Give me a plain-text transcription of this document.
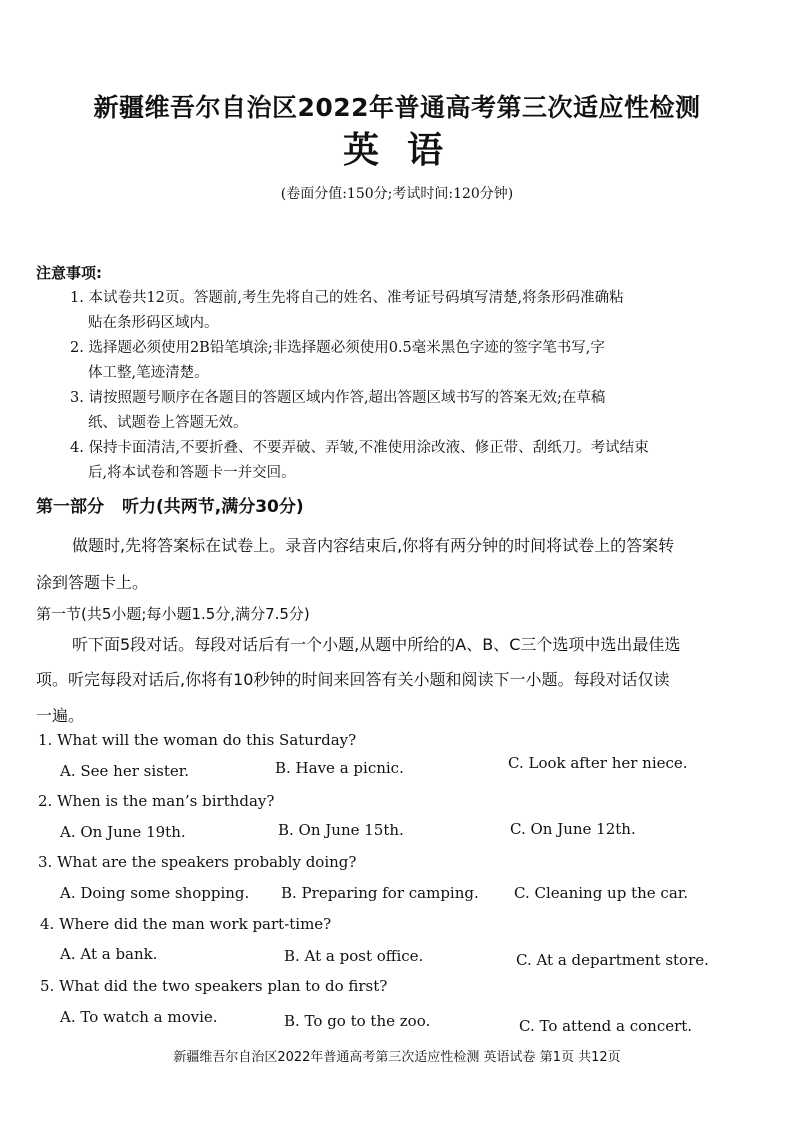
新疆维吾尔自治区2022年普通高考第三次适应性检测
英语
(卷面分值:150分;考试时间:120分钟)
注意事项:
1. 本试卷共12页。答题前,考生先将自己的姓名、准考证号码填写清楚,将条形码准确粘
贴在条形码区域内。
2. 选择题必须使用2B铅笔填涂;非选择题必须使用0.5毫米黑色字迹的签字笔书写,字
体工整,笔迹清楚。
3. 请按照题号顺序在各题目的答题区域内作答,超出答题区域书写的答案无效;在草稿
纸、试题卷上答题无效。
4. 保持卡面清洁,不要折叠、不要弄破、弄皱,不准使用涂改液、修正带、刮纸刀。考试结束
后,将本试卷和答题卡一并交回。
第一部分 听力(共两节,满分30分)
做题时,先将答案标在试卷上。录音内容结束后,你将有两分钟的时间将试卷上的答案转
涂到答题卡上。
第一节(共5小题;每小题1.5分,满分7.5分)
听下面5段对话。每段对话后有一个小题,从题中所给的A、B、C三个选项中选出最佳选
项。听完每段对话后,你将有10秒钟的时间来回答有关小题和阅读下一小题。每段对话仅读
一遍。
1. What will the woman do this Saturday?
A. See her sister.	B. Have a picnic.	C. Look after her niece.
2. When is the man’s birthday?
A. On June 19th.	B. On June 15th.	C. On June 12th.
3. What are the speakers probably doing?
A. Doing some shopping. B. Preparing for camping. C. Cleaning up the car.
4. Where did the man work part-time?
A. At a bank.	B. At a post office.	C. At a department store.
5. What did the two speakers plan to do first?
A. To watch a movie.	B. To go to the zoo.	C. To attend a concert.
新疆维吾尔自治区2022年普通高考第三次适应性检测 英语试卷 第1页 共12页
